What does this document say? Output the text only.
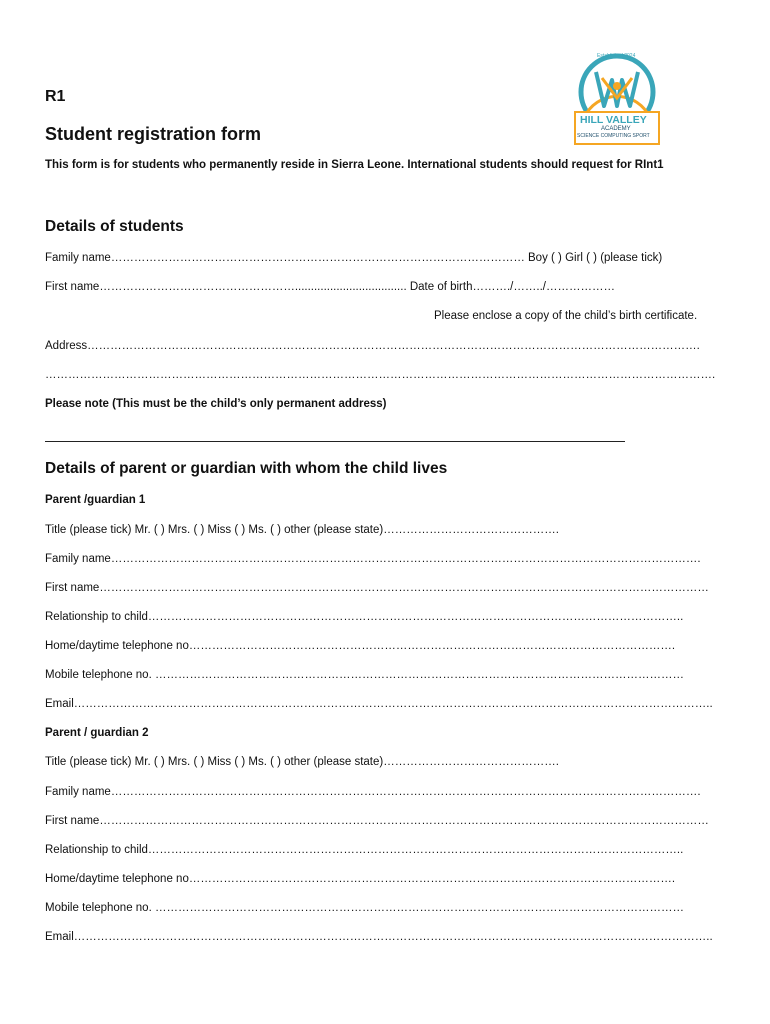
HILL VALLEY
ACADEMY
SCIENCE COMPUTING SPORT
Established 2024
R1
Student registration form
This form is for students who permanently reside in Sierra Leone. International students should request for RInt1
Details of students
Family name……………………………………………………………………………………………… Boy ( ) Girl ( ) (please tick)
First name……………………………………………................................... Date of birth………./……../………………
Please enclose a copy of the child’s birth certificate.
Address…………………………………………………………………………………………………………………………………………….
………………………………………………………………………………………………………………………………………………………….
Please note (This must be the child’s only permanent address)
Details of parent or guardian with whom the child lives
Parent /guardian 1
Title (please tick) Mr. ( ) Mrs. ( ) Miss ( ) Ms. ( ) other (please state)……………………………………….
Family name……………………………………………………………………………………………………………………………………….
First name……………………………………………………………………………………………………………………………………………
Relationship to child…………………………………………………………………………………………………………………………..
Home/daytime telephone no……………………………………………………………………………………………………………….
Mobile telephone no. …………………………………………………………………………………………………………………………
Email…………………………………………………………………………………………………………………………………………………..
Parent / guardian 2
Title (please tick) Mr. ( ) Mrs. ( ) Miss ( ) Ms. ( ) other (please state)……………………………………….
Family name……………………………………………………………………………………………………………………………………….
First name……………………………………………………………………………………………………………………………………………
Relationship to child…………………………………………………………………………………………………………………………..
Home/daytime telephone no……………………………………………………………………………………………………………….
Mobile telephone no. …………………………………………………………………………………………………………………………
Email…………………………………………………………………………………………………………………………………………………..
